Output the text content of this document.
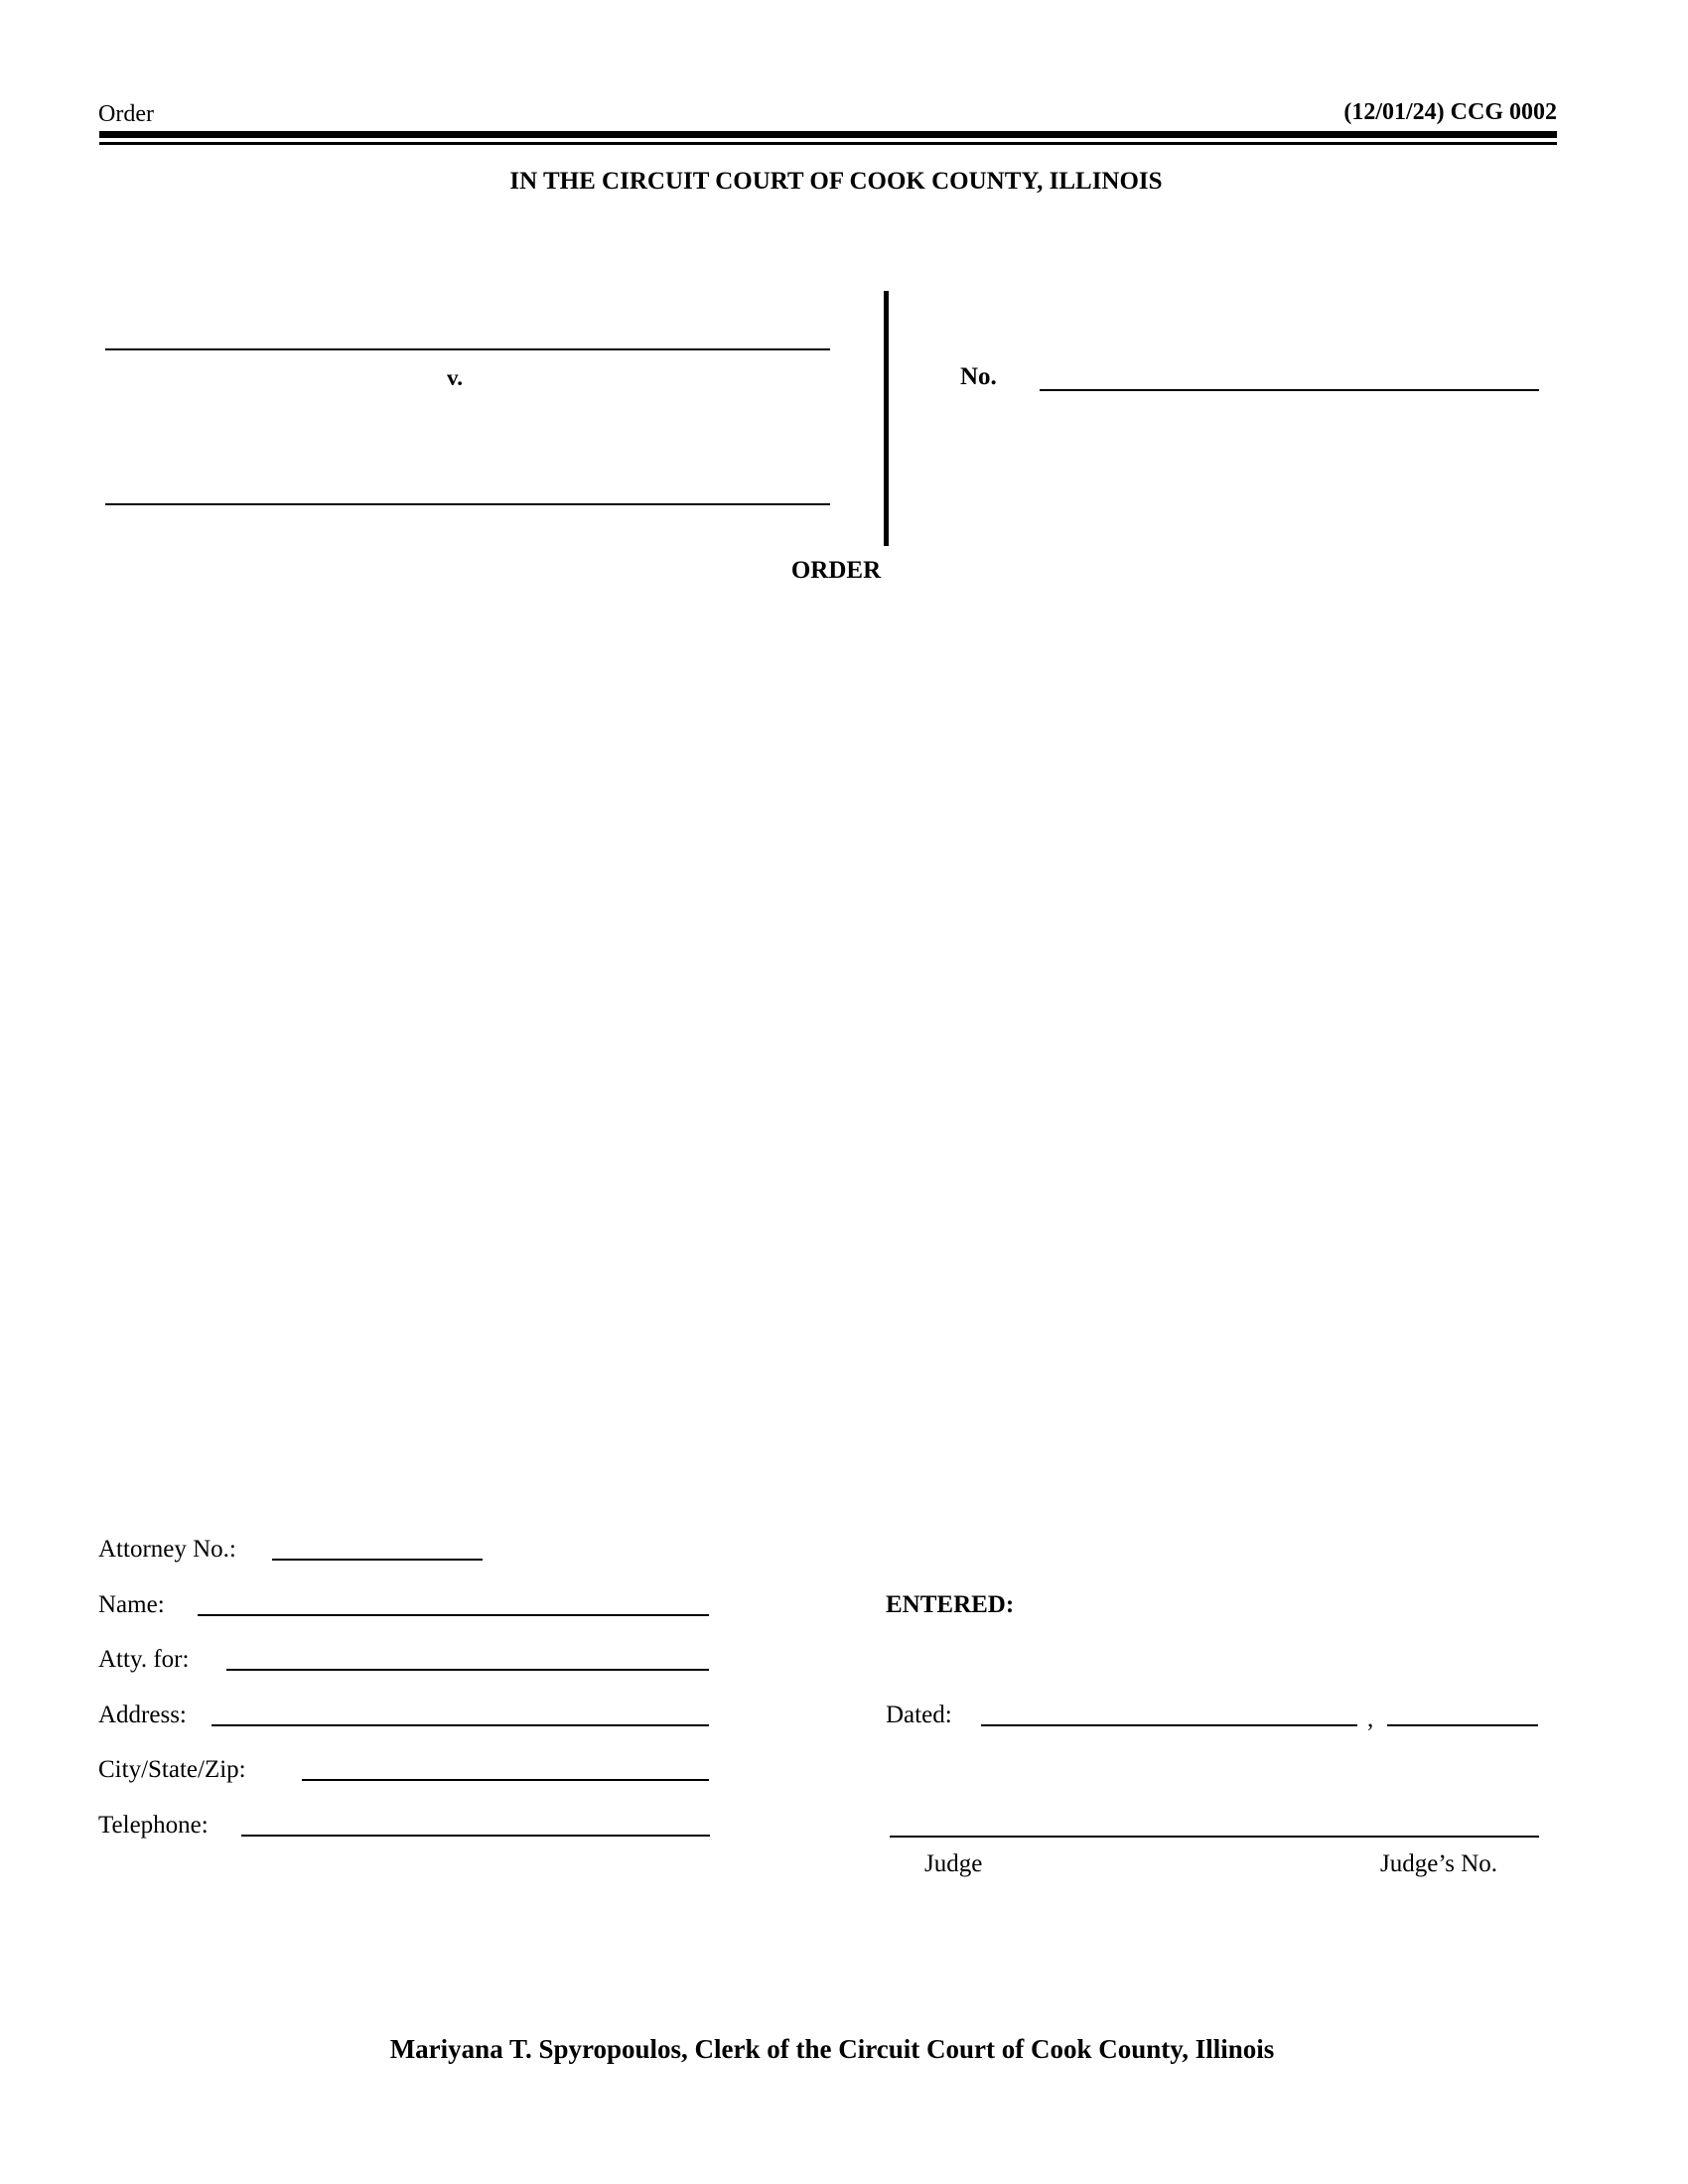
Order	(12/01/24) CCG 0002
IN THE CIRCUIT COURT OF COOK COUNTY, ILLINOIS
v.	No.
ORDER
Attorney No.:
Name:
Atty. for:
Address:
City/State/Zip:
Telephone:
ENTERED:
Dated:	,
Judge	Judge’s No.
Mariyana T. Spyropoulos, Clerk of the Circuit Court of Cook County, Illinois
